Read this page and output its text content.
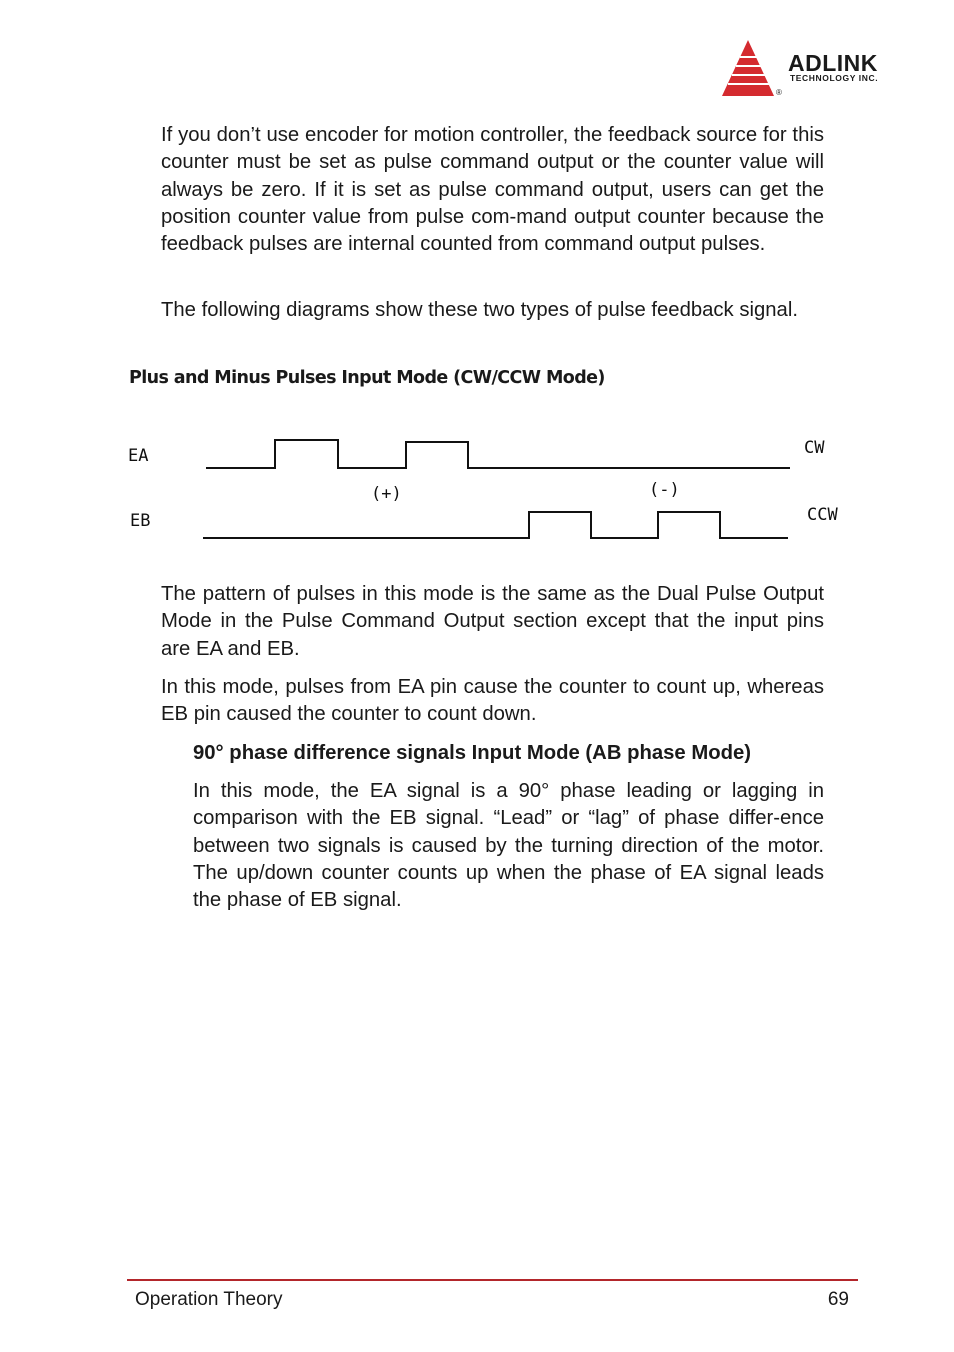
ADLINK
TECHNOLOGY INC.
®

If you don’t use encoder for motion controller, the feedback source for this counter must be set as pulse command output or the counter value will always be zero. If it is set as pulse command output, users can get the position counter value from pulse com-mand output counter because the feedback pulses are internal counted from command output pulses.

The following diagrams show these two types of pulse feedback signal.

Plus and Minus Pulses Input Mode (CW/CCW Mode)

EA
EB
(+)	(-)
CW
CCW

The pattern of pulses in this mode is the same as the Dual Pulse Output Mode in the Pulse Command Output section except that the input pins are EA and EB.

In this mode, pulses from EA pin cause the counter to count up, whereas EB pin caused the counter to count down.

90° phase difference signals Input Mode (AB phase Mode)

In this mode, the EA signal is a 90° phase leading or lagging in comparison with the EB signal. “Lead” or “lag” of phase differ-ence between two signals is caused by the turning direction of the motor. The up/down counter counts up when the phase of EA signal leads the phase of EB signal.

Operation Theory	69
